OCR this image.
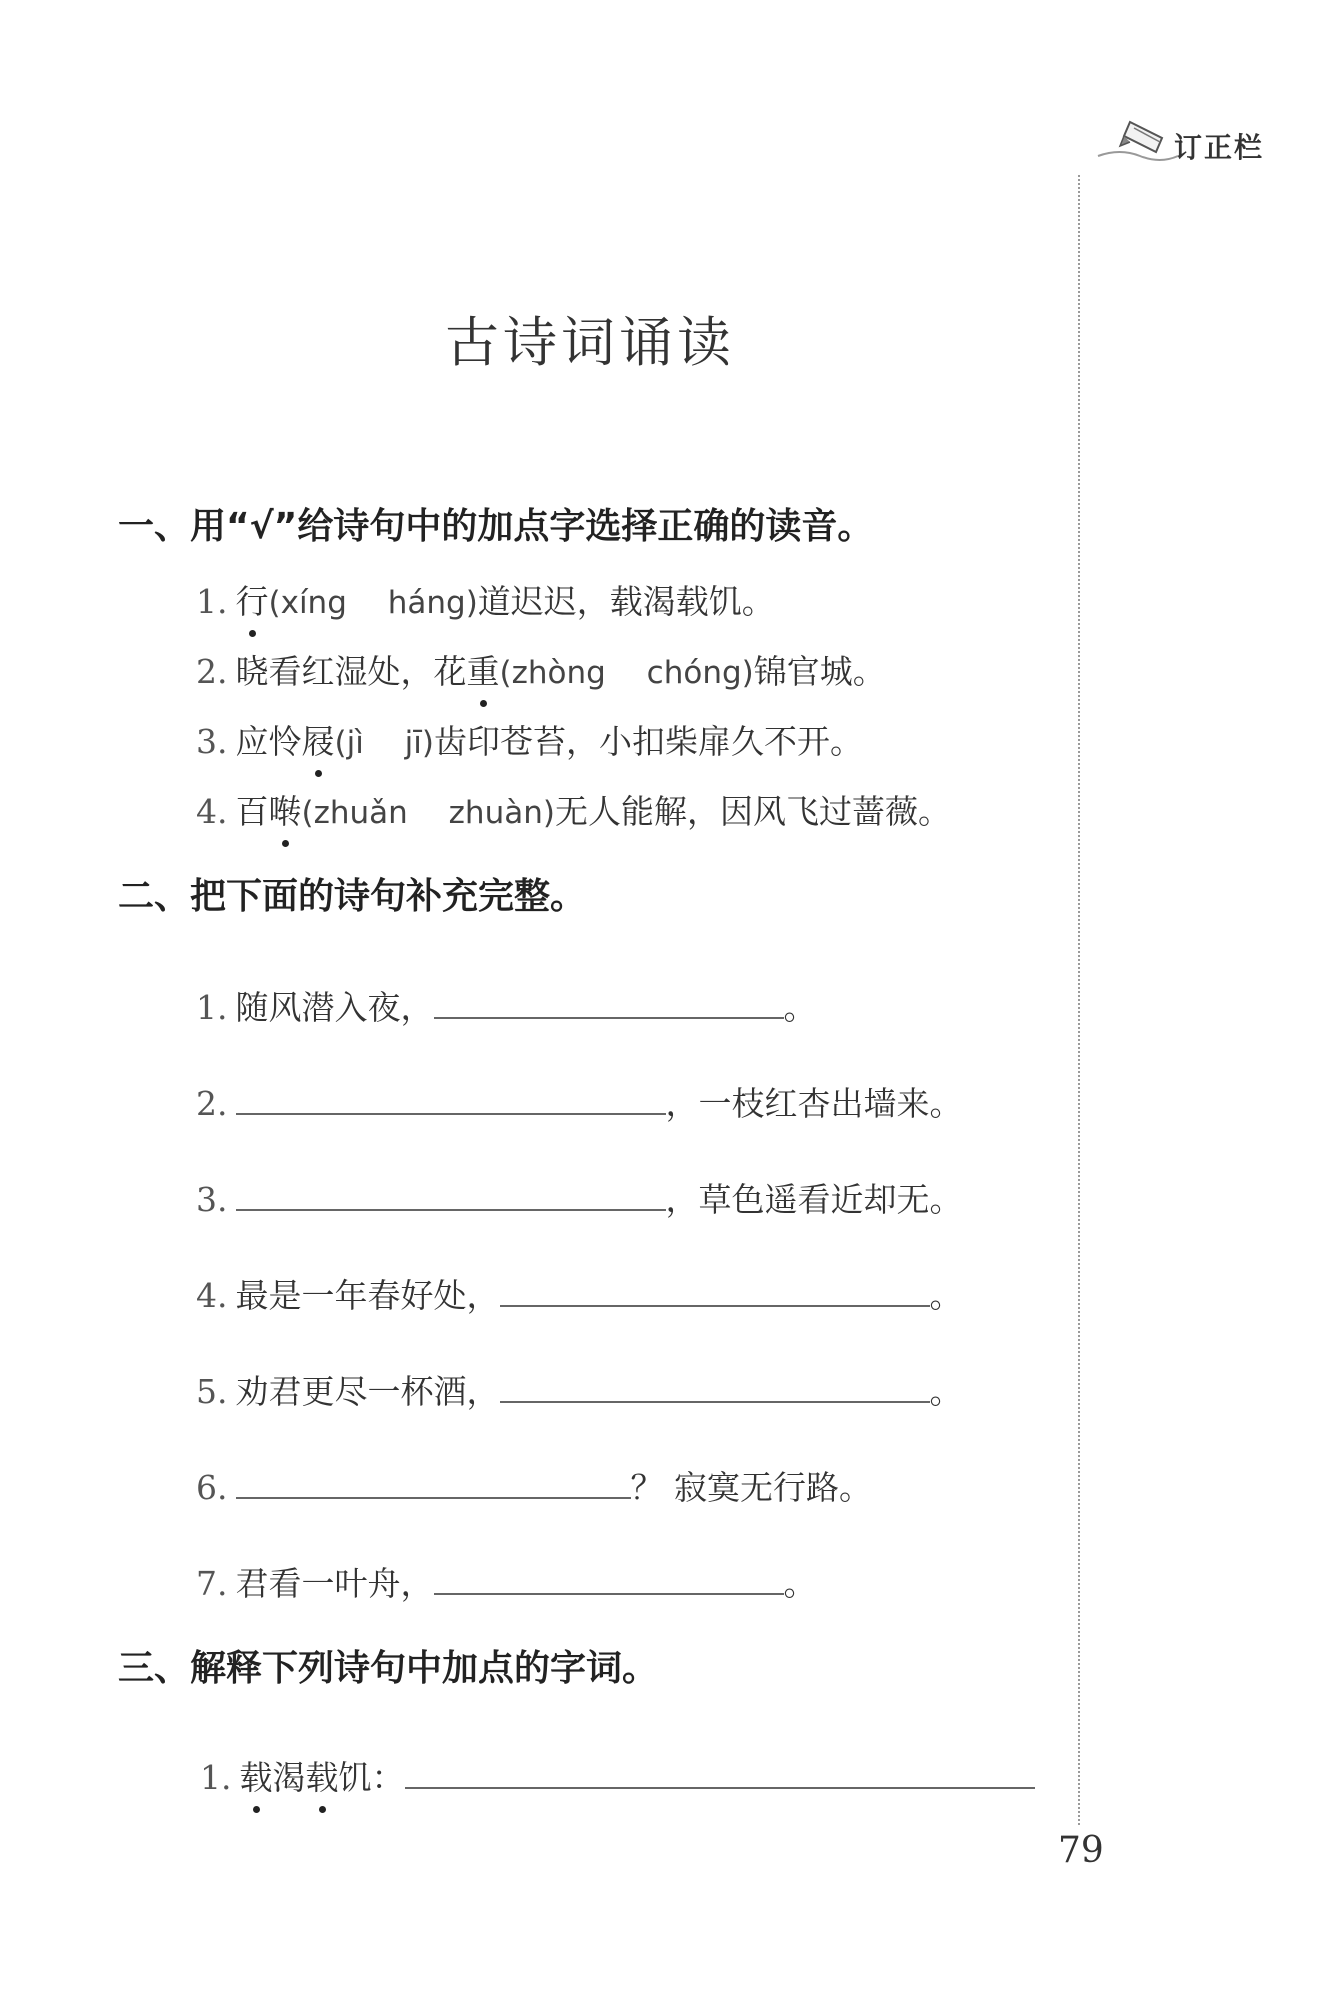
订正栏
古诗词诵读
一、用“√”给诗句中的加点字选择正确的读音。
1. 行(xíng　 háng)道迟迟，载渴载饥。
2. 晓看红湿处，花重(zhòng　 chóng)锦官城。
3. 应怜屐(jì　 jī)齿印苍苔，小扣柴扉久不开。
4. 百啭(zhuǎn　 zhuàn)无人能解，因风飞过蔷薇。
二、把下面的诗句补充完整。
1. 随风潜入夜，	。
2.	，一枝红杏出墙来。
3.	，草色遥看近却无。
4. 最是一年春好处，	。
5. 劝君更尽一杯酒，	。
6.	？ 寂寞无行路。
7. 君看一叶舟，	。
三、解释下列诗句中加点的字词。
1. 载渴载饥：
79
